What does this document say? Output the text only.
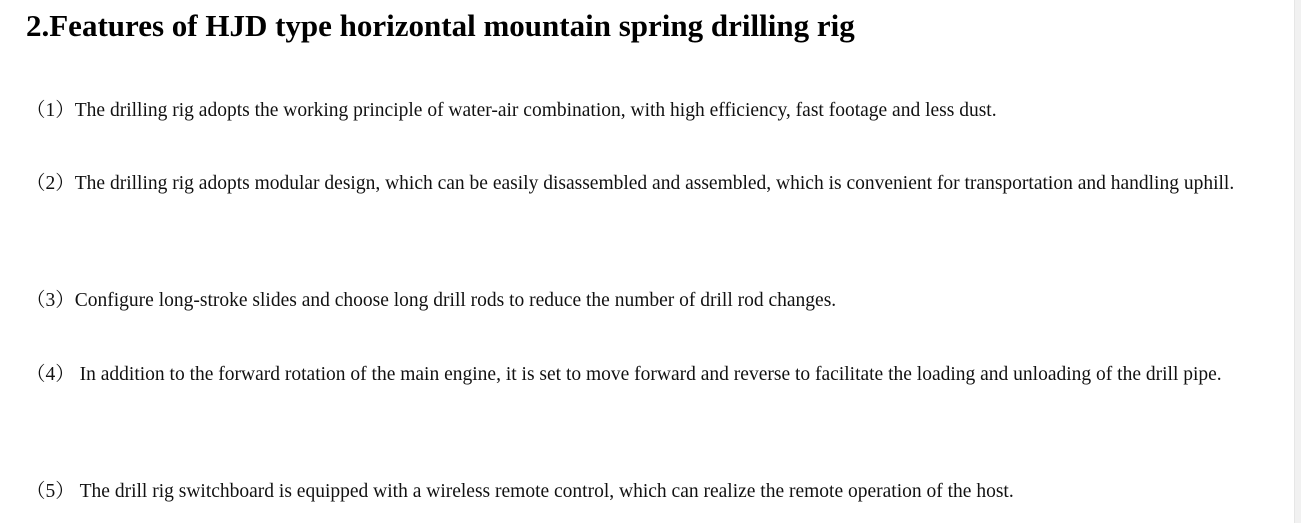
2.Features of HJD type horizontal mountain spring drilling rig

（1）The drilling rig adopts the working principle of water-air combination, with high efficiency, fast footage and less dust.

（2）The drilling rig adopts modular design, which can be easily disassembled and assembled, which is convenient for transportation and handling uphill.

（3）Configure long-stroke slides and choose long drill rods to reduce the number of drill rod changes.

（4） In addition to the forward rotation of the main engine, it is set to move forward and reverse to facilitate the loading and unloading of the drill pipe.

（5） The drill rig switchboard is equipped with a wireless remote control, which can realize the remote operation of the host.
